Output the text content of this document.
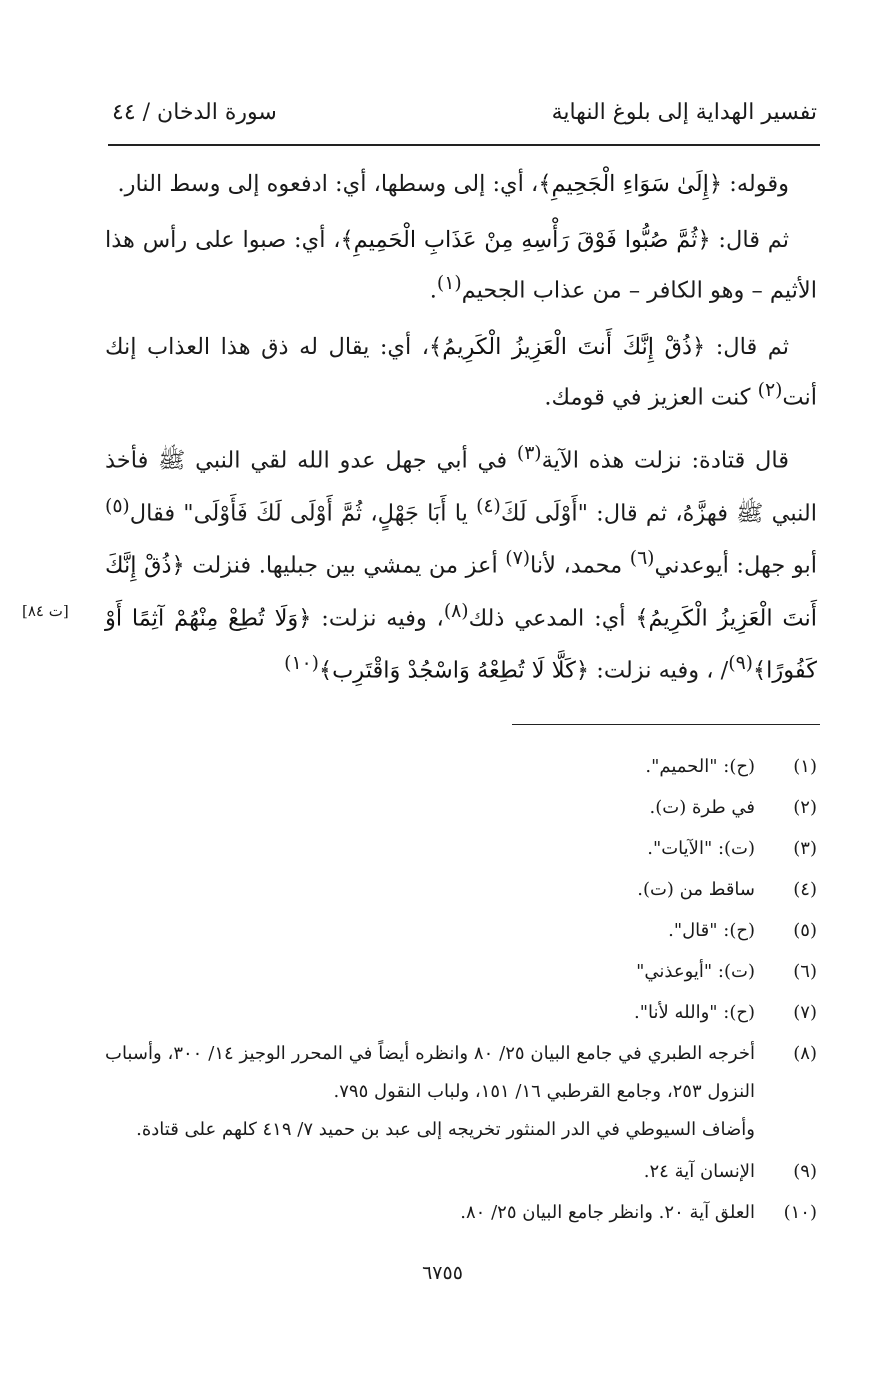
تفسير الهداية إلى بلوغ النهاية
سورة الدخان / ٤٤

وقوله: ﴿إِلَىٰ سَوَاءِ الْجَحِيمِ﴾، أي: إلى وسطها، أي: ادفعوه إلى وسط النار.

ثم قال: ﴿ثُمَّ صُبُّوا فَوْقَ رَأْسِهِ مِنْ عَذَابِ الْحَمِيمِ﴾، أي: صبوا على رأس هذا الأثيم – وهو الكافر – من عذاب الجحيم$^{(١)}$.

ثم قال: ﴿ذُقْ إِنَّكَ أَنتَ الْعَزِيزُ الْكَرِيمُ﴾، أي: يقال له ذق هذا العذاب إنك أنت$^{(٢)}$ كنت العزيز في قومك.

قال قتادة: نزلت هذه الآية$^{(٣)}$ في أبي جهل عدو الله لقي النبي ﷺ فأخذ النبي ﷺ فهزَّهُ، ثم قال: "أَوْلَى لَكَ$^{(٤)}$ يا أَبَا جَهْلٍ، ثُمَّ أَوْلَى لَكَ فَأَوْلَى" فقال$^{(٥)}$ أبو جهل: أيوعدني$^{(٦)}$ محمد، لأنا$^{(٧)}$ أعز من يمشي بين جبليها. فنزلت ﴿ذُقْ إِنَّكَ أَنتَ الْعَزِيزُ الْكَرِيمُ﴾ أي: المدعي ذلك$^{(٨)}$، وفيه نزلت: ﴿وَلَا تُطِعْ مِنْهُمْ آثِمًا أَوْ كَفُورًا﴾$^{(٩)}$/ ، وفيه نزلت: ﴿كَلَّا لَا تُطِعْهُ وَاسْجُدْ وَاقْتَرِب﴾$^{(١٠)}$

[ت ٨٤]
(١)
(ح): "الحميم".
(٢)
في طرة (ت).
(٣)
(ت): "الآيات".
(٤)
ساقط من (ت).
(٥)
(ح): "قال".
(٦)
(ت): "أيوعذني"
(٧)
(ح): "والله لأنا".
(٨)
أخرجه الطبري في جامع البيان ٢٥/ ٨٠ وانظره أيضاً في المحرر الوجيز ١٤/ ٣٠٠، وأسباب النزول ٢٥٣، وجامع القرطبي ١٦/ ١٥١، ولباب النقول ٧٩٥.
وأضاف السيوطي في الدر المنثور تخريجه إلى عبد بن حميد ٧/ ٤١٩ كلهم على قتادة.
(٩)
الإنسان آية ٢٤.
(١٠)
العلق آية ٢٠. وانظر جامع البيان ٢٥/ ٨٠.
٦٧٥٥
